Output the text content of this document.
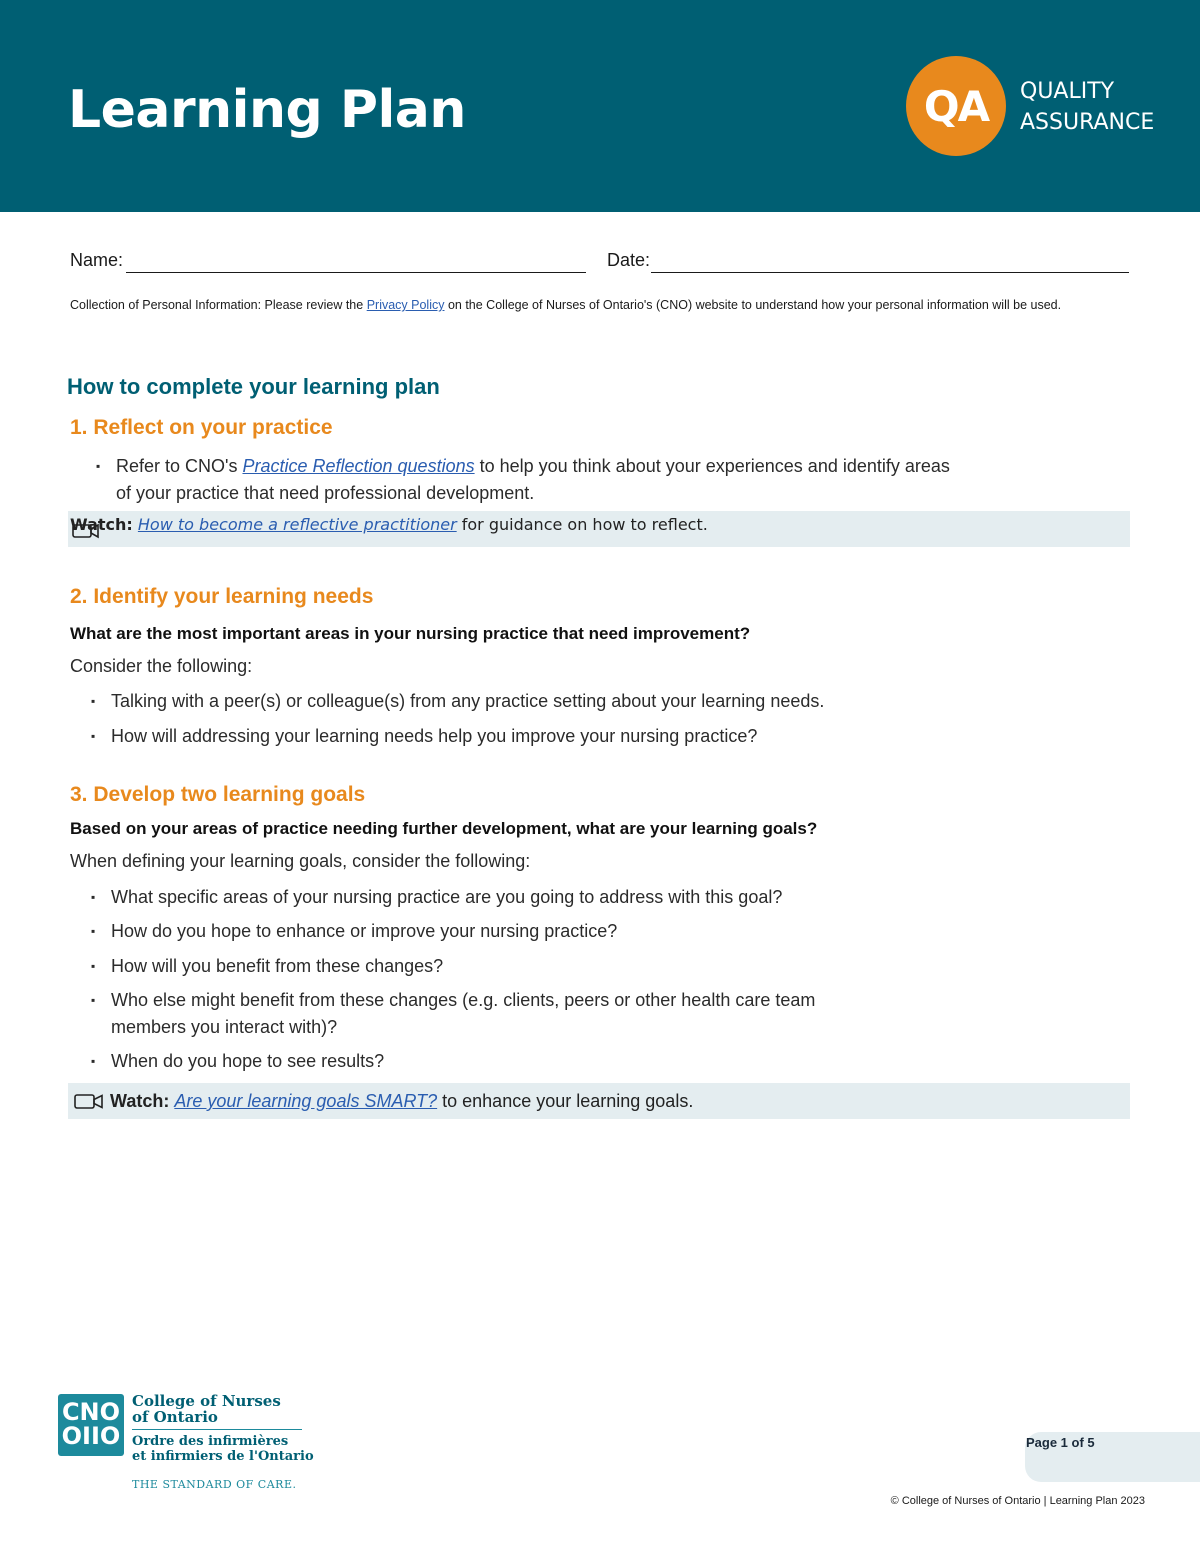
Learning Plan	QA	QUALITY
ASSURANCE
Name:	Date:
Collection of Personal Information: Please review the Privacy Policy on the College of Nurses of Ontario's (CNO) website to understand how your personal information will be used.
How to complete your learning plan
1. Reflect on your practice
▪ Refer to CNO's Practice Reflection questions to help you think about your experiences and identify areas
of your practice that need professional development.
Watch: How to become a reflective practitioner for guidance on how to reflect.
2. Identify your learning needs
What are the most important areas in your nursing practice that need improvement?
Consider the following:
▪ Talking with a peer(s) or colleague(s) from any practice setting about your learning needs.
▪ How will addressing your learning needs help you improve your nursing practice?
3. Develop two learning goals
Based on your areas of practice needing further development, what are your learning goals?
When defining your learning goals, consider the following:
▪ What specific areas of your nursing practice are you going to address with this goal?
▪ How do you hope to enhance or improve your nursing practice?
▪ How will you benefit from these changes?
▪ Who else might benefit from these changes (e.g. clients, peers or other health care team
members you interact with)?
▪ When do you hope to see results?
Watch: Are your learning goals SMART? to enhance your learning goals.
CNO
OIIO
College of Nurses
of Ontario
Ordre des infirmières
et infirmiers de l'Ontario
THE STANDARD OF CARE.
Page 1 of 5
© College of Nurses of Ontario | Learning Plan 2023
